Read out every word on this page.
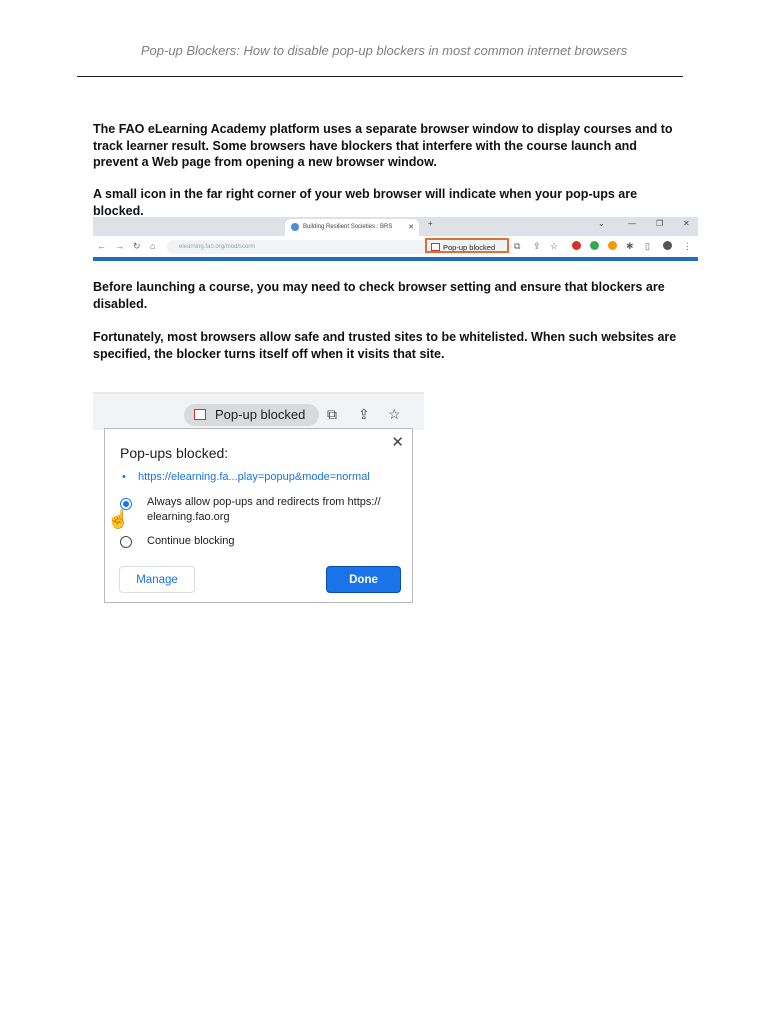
Pop-up Blockers: How to disable pop-up blockers in most common internet browsers
The FAO eLearning Academy platform uses a separate browser window to display courses and to track learner result. Some browsers have blockers that interfere with the course launch and prevent a Web page from opening a new browser window.
A small icon in the far right corner of your web browser will indicate when your pop-ups are blocked.
Building Resilient Societies : BRS	✕ +	⌄	—	❐ ✕
← → ↻ ⌂	elearning.fao.org/mod/scorm	Pop-up blocked	⧉ ⇪ ☆	✱ ▯	⋮
Before launching a course, you may need to check browser setting and ensure that blockers are disabled.
Fortunately, most browsers allow safe and trusted sites to be whitelisted. When such websites are specified, the blocker turns itself off when it visits that site.
Pop-up blocked	⧉ ⇪ ☆
✕
Pop-ups blocked:
• https://elearning.fa...play=popup&mode=normal
Always allow pop-ups and redirects from https:// elearning.fao.org
☝
Continue blocking
Manage	Done
